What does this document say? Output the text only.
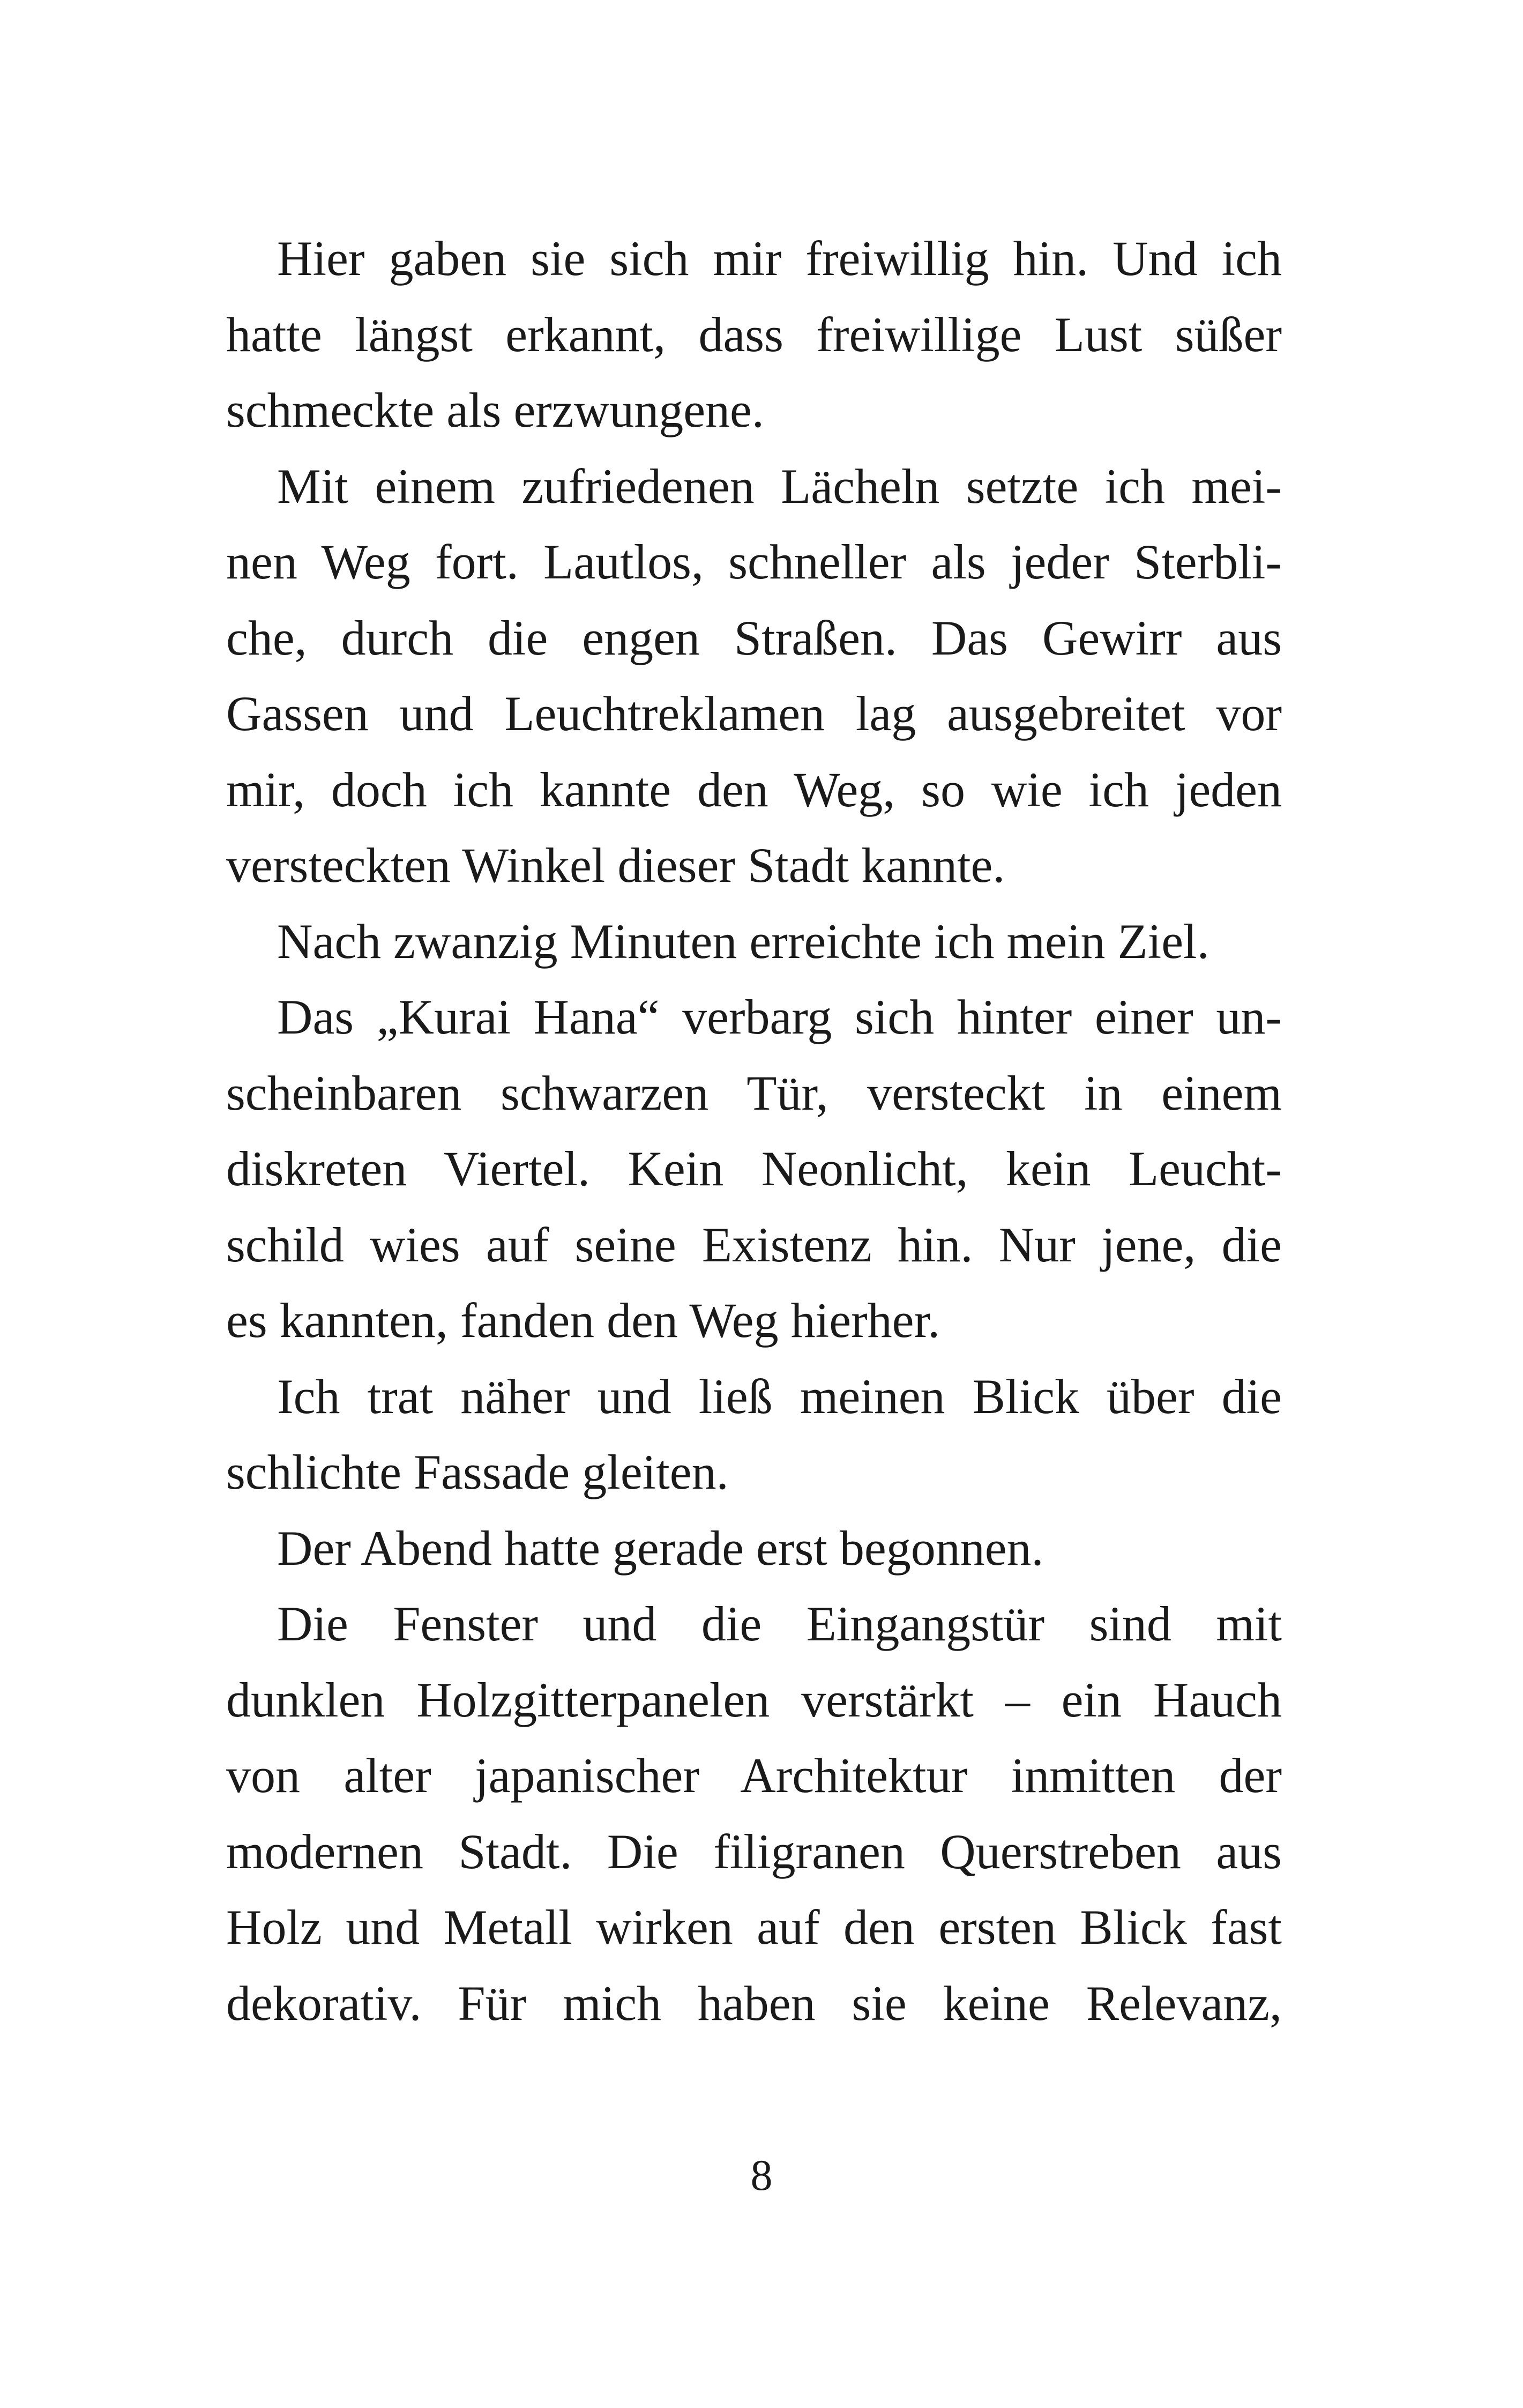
Hier gaben sie sich mir freiwillig hin. Und ich
hatte längst erkannt, dass freiwillige Lust süßer
schmeckte als erzwungene.
Mit einem zufriedenen Lächeln setzte ich mei-
nen Weg fort. Lautlos, schneller als jeder Sterbli-
che, durch die engen Straßen. Das Gewirr aus
Gassen und Leuchtreklamen lag ausgebreitet vor
mir, doch ich kannte den Weg, so wie ich jeden
versteckten Winkel dieser Stadt kannte.
Nach zwanzig Minuten erreichte ich mein Ziel.
Das „Kurai Hana“ verbarg sich hinter einer un-
scheinbaren schwarzen Tür, versteckt in einem
diskreten Viertel. Kein Neonlicht, kein Leucht-
schild wies auf seine Existenz hin. Nur jene, die
es kannten, fanden den Weg hierher.
Ich trat näher und ließ meinen Blick über die
schlichte Fassade gleiten.
Der Abend hatte gerade erst begonnen.
Die Fenster und die Eingangstür sind mit
dunklen Holzgitterpanelen verstärkt – ein Hauch
von alter japanischer Architektur inmitten der
modernen Stadt. Die filigranen Querstreben aus
Holz und Metall wirken auf den ersten Blick fast
dekorativ. Für mich haben sie keine Relevanz,
8
